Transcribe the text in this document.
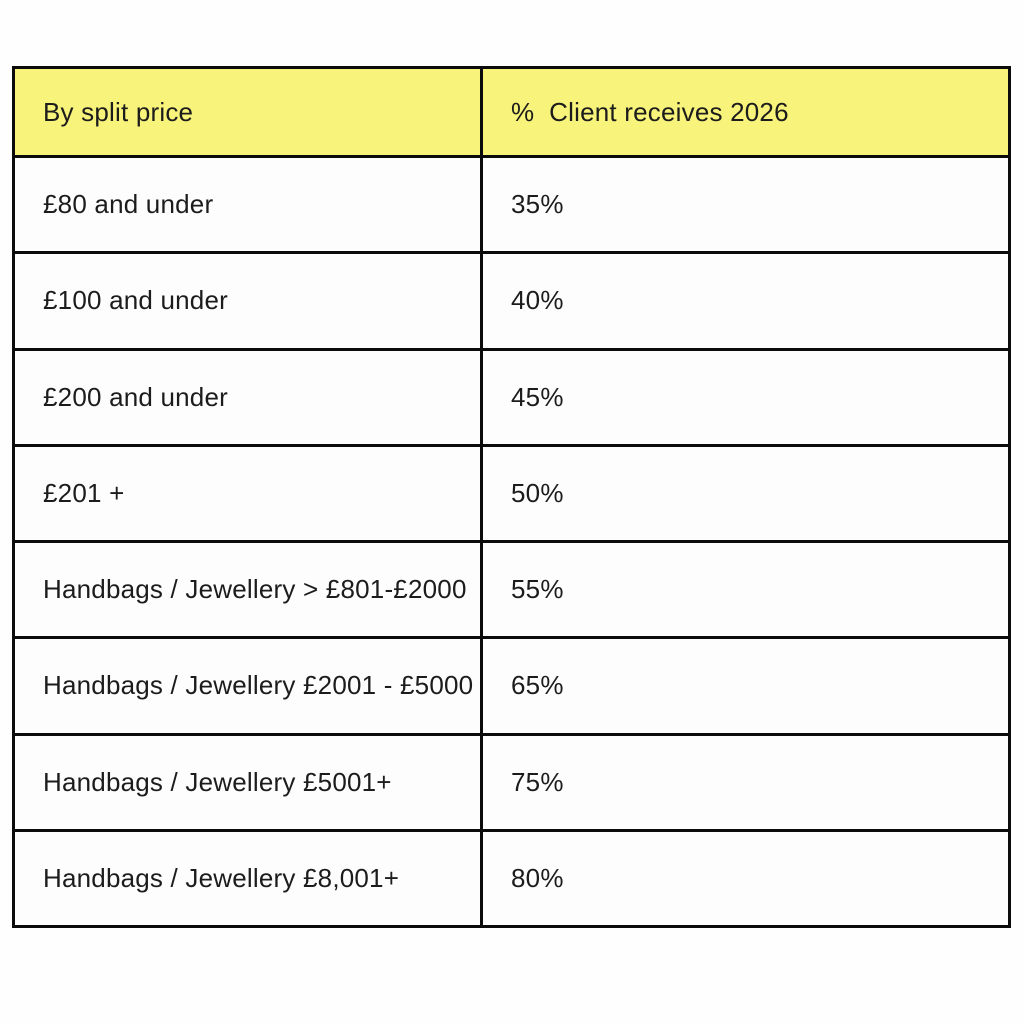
By split price	%  Client receives 2026
£80 and under	35%
£100 and under	40%
£200 and under	45%
£201 +	50%
Handbags / Jewellery > £801-£2000	55%
Handbags / Jewellery £2001 - £5000	65%
Handbags / Jewellery £5001+	75%
Handbags / Jewellery £8,001+	80%
